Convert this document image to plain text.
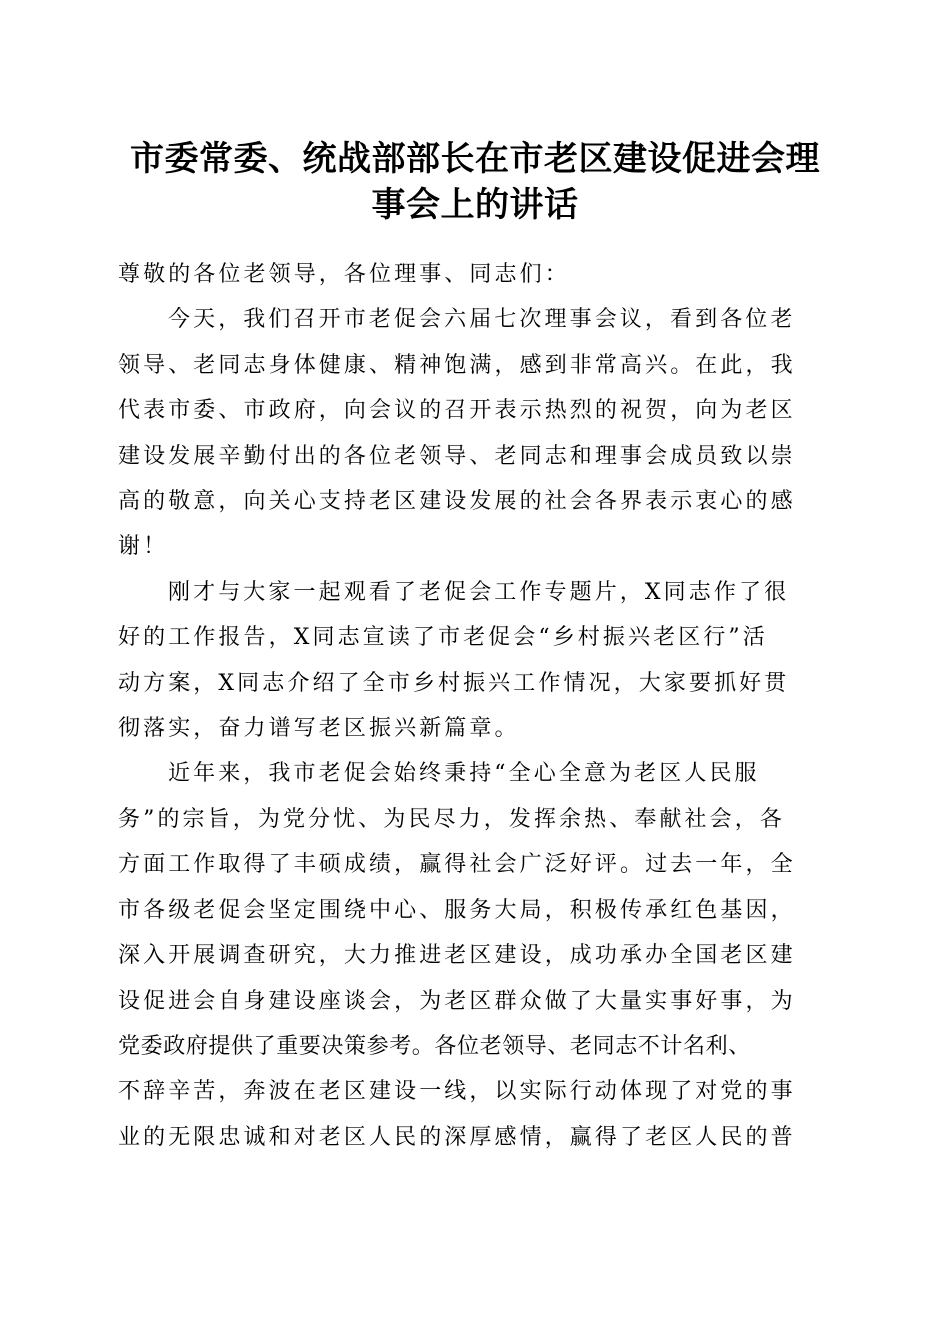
市委常委、统战部部长在市老区建设促进会理
事会上的讲话

尊敬的各位老领导，各位理事、同志们：

今天，我们召开市老促会六届七次理事会议，看到各位老
领导、老同志身体健康、精神饱满，感到非常高兴。在此，我
代表市委、市政府，向会议的召开表示热烈的祝贺，向为老区
建设发展辛勤付出的各位老领导、老同志和理事会成员致以崇
高的敬意，向关心支持老区建设发展的社会各界表示衷心的感
谢！

刚才与大家一起观看了老促会工作专题片，X同志作了很
好的工作报告，X同志宣读了市老促会“乡村振兴老区行”活
动方案，X同志介绍了全市乡村振兴工作情况，大家要抓好贯
彻落实，奋力谱写老区振兴新篇章。

近年来，我市老促会始终秉持“全心全意为老区人民服
务”的宗旨，为党分忧、为民尽力，发挥余热、奉献社会，各
方面工作取得了丰硕成绩，赢得社会广泛好评。过去一年，全
市各级老促会坚定围绕中心、服务大局，积极传承红色基因，
深入开展调查研究，大力推进老区建设，成功承办全国老区建
设促进会自身建设座谈会，为老区群众做了大量实事好事，为
党委政府提供了重要决策参考。各位老领导、老同志不计名利、
不辞辛苦，奔波在老区建设一线，以实际行动体现了对党的事
业的无限忠诚和对老区人民的深厚感情，赢得了老区人民的普
